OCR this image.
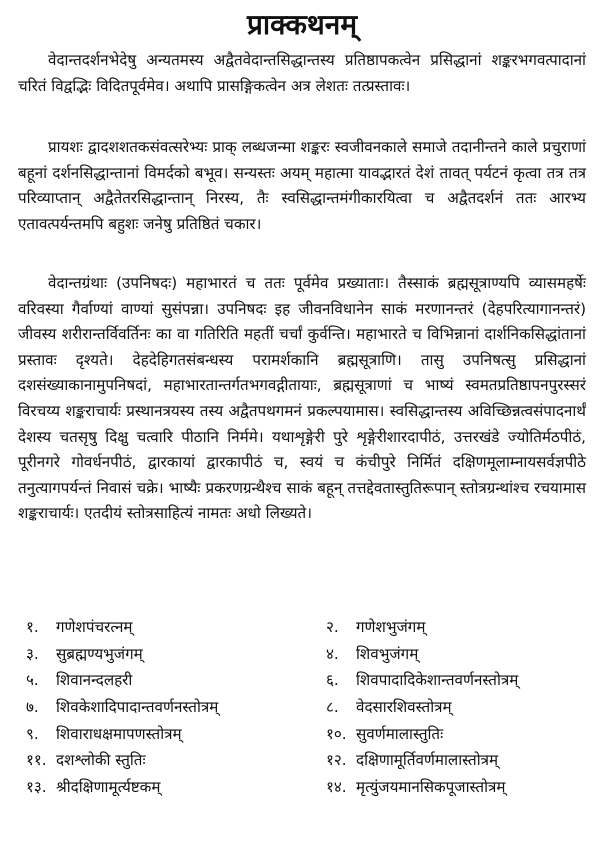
प्राक्कथनम्

वेदान्तदर्शनभेदेषु अन्यतमस्य अद्वैतवेदान्तसिद्धान्तस्य प्रतिष्ठापकत्वेन प्रसिद्धानां शङ्करभगवत्पादानां चरितं विद्वद्भिः विदितपूर्वमेव। अथापि प्रासङ्गिकत्वेन अत्र लेशतः तत्प्रस्तावः।

प्रायशः द्वादशशतकसंवत्सरेभ्यः प्राक् लब्धजन्मा शङ्करः स्वजीवनकाले समाजे तदानीन्तने काले प्रचुराणां बहूनां दर्शनसिद्धान्तानां विमर्दको बभूव। सन्यस्तः अयम् महात्मा यावद्भारतं देशं तावत् पर्यटनं कृत्वा तत्र तत्र परिव्याप्तान् अद्वैतेतरसिद्धान्तान् निरस्य, तैः स्वसिद्धान्तमंगीकारयित्वा च अद्वैतदर्शनं ततः आरभ्य एतावत्पर्यन्तमपि बहुशः जनेषु प्रतिष्ठितं चकार।

वेदान्तग्रंथाः (उपनिषदः) महाभारतं च ततः पूर्वमेव प्रख्याताः। तैस्साकं ब्रह्मसूत्राण्यपि व्यासमहर्षेः वरिवस्या गैर्वाण्यां वाण्यां सुसंपन्ना। उपनिषदः इह जीवनविधानेन साकं मरणानन्तरं (देहपरित्यागानन्तरं) जीवस्य शरीरान्तर्विवर्तिनः का वा गतिरिति महतीं चर्चां कुर्वन्ति। महाभारते च विभिन्नानां दार्शनिकसिद्धांतानां प्रस्तावः दृश्यते। देहदेहिगतसंबन्धस्य परामर्शकानि ब्रह्मसूत्राणि। तासु उपनिषत्सु प्रसिद्धानां दशसंख्याकानामुपनिषदां, महाभारतान्तर्गतभगवद्गीतायाः, ब्रह्मसूत्राणां च भाष्यं स्वमतप्रतिष्ठापनपुरस्सरं विरचय्य शङ्कराचार्यः प्रस्थानत्रयस्य तस्य अद्वैतपथगमनं प्रकल्पयामास। स्वसिद्धान्तस्य अविच्छिन्नत्वसंपादनार्थं देशस्य चतसृषु दिक्षु चत्वारि पीठानि निर्ममे। यथाशृङ्गेरी पुरे शृङ्गेरीशारदापीठं, उत्तरखंडे ज्योतिर्मठपीठं, पूरीनगरे गोवर्धनपीठं, द्वारकायां द्वारकापीठं च, स्वयं च कंचीपुरे निर्मितं दक्षिणमूलाम्नायसर्वज्ञपीठे तनुत्यागपर्यन्तं निवासं चक्रे। भाष्यैः प्रकरणग्रन्थैश्च साकं बहून् तत्तद्देवतास्तुतिरूपान् स्तोत्रग्रन्थांश्च रचयामास शङ्कराचार्यः। एतदीयं स्तोत्रसाहित्यं नामतः अधो लिख्यते।

१.	गणेशपंचरत्नम्	२.	गणेशभुजंगम्
३.	सुब्रह्मण्यभुजंगम्	४.	शिवभुजंगम्
५.	शिवानन्दलहरी	६.	शिवपादादिकेशान्तवर्णनस्तोत्रम्
७.	शिवकेशादिपादान्तवर्णनस्तोत्रम्	८.	वेदसारशिवस्तोत्रम्
९.	शिवाराधक्षमापणस्तोत्रम्	१०. सुवर्णमालास्तुतिः
११. दशश्लोकी स्तुतिः	१२. दक्षिणामूर्तिवर्णमालास्तोत्रम्
१३. श्रीदक्षिणामूर्त्यष्टकम्	१४. मृत्युंजयमानसिकपूजास्तोत्रम्
